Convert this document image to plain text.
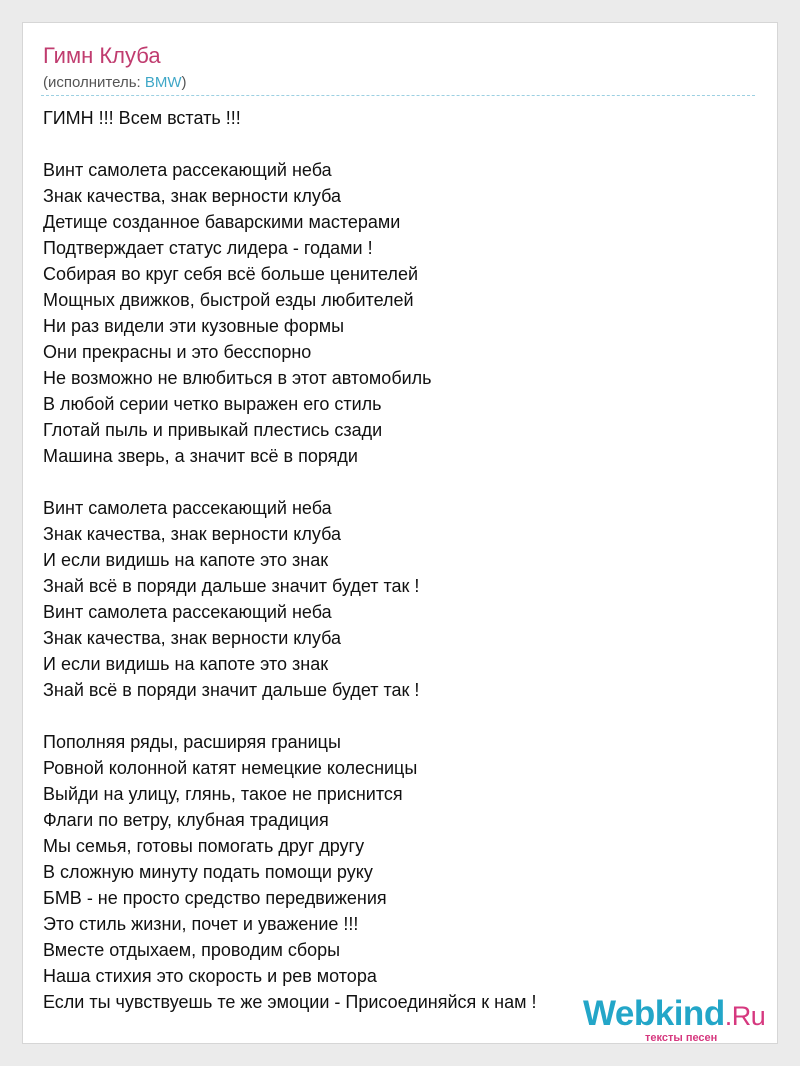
Гимн Клуба
(исполнитель: BMW)
ГИМН !!! Всем встать !!!
Винт самолета рассекающий неба
Знак качества, знак верности клуба
Детище созданное баварскими мастерами
Подтверждает статус лидера - годами !
Собирая во круг себя всё больше ценителей
Мощных движков, быстрой езды любителей
Ни раз видели эти кузовные формы
Они прекрасны и это бесспорно
Не возможно не влюбиться в этот автомобиль
В любой серии четко выражен его стиль
Глотай пыль и привыкай плестись сзади
Машина зверь, а значит всё в поряди
Винт самолета рассекающий неба
Знак качества, знак верности клуба
И если видишь на капоте это знак
Знай всё в поряди дальше значит будет так !
Винт самолета рассекающий неба
Знак качества, знак верности клуба
И если видишь на капоте это знак
Знай всё в поряди значит дальше будет так !
Пополняя ряды, расширяя границы
Ровной колонной катят немецкие колесницы
Выйди на улицу, глянь, такое не приснится
Флаги по ветру, клубная традиция
Мы семья, готовы помогать друг другу
В сложную минуту подать помощи руку
БМВ - не просто средство передвижения
Это стиль жизни, почет и уважение !!!
Вместе отдыхаем, проводим сборы
Наша стихия это скорость и рев мотора
Если ты чувствуешь те же эмоции - Присоединяйся к нам !	Webkind.Ru
тексты песен
